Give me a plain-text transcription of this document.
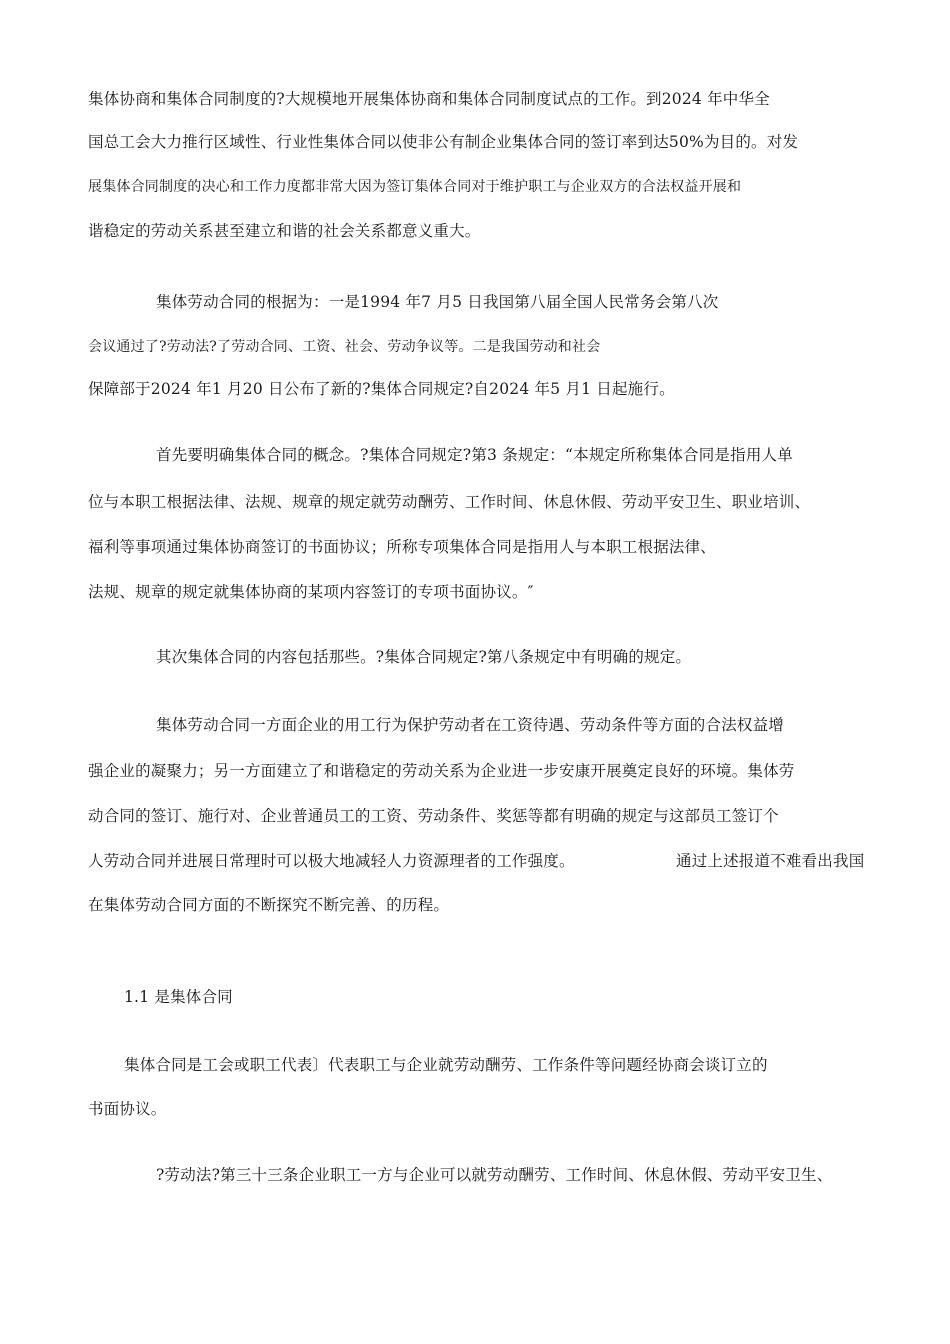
集体协商和集体合同制度的?大规模地开展集体协商和集体合同制度试点的工作。到2024 年中华全
国总工会大力推行区域性、行业性集体合同以使非公有制企业集体合同的签订率到达50%为目的。对发
展集体合同制度的决心和工作力度都非常大因为签订集体合同对于维护职工与企业双方的合法权益开展和
谐稳定的劳动关系甚至建立和谐的社会关系都意义重大。
集体劳动合同的根据为：一是1994 年7 月5 日我国第八届全国人民常务会第八次
会议通过了?劳动法?了劳动合同、工资、社会、劳动争议等。二是我国劳动和社会
保障部于2024 年1 月20 日公布了新的?集体合同规定?自2024 年5 月1 日起施行。
首先要明确集体合同的概念。?集体合同规定?第3 条规定：“本规定所称集体合同是指用人单
位与本职工根据法律、法规、规章的规定就劳动酬劳、工作时间、休息休假、劳动平安卫生、职业培训、
福利等事项通过集体协商签订的书面协议；所称专项集体合同是指用人与本职工根据法律、
法规、规章的规定就集体协商的某项内容签订的专项书面协议。″
其次集体合同的内容包括那些。?集体合同规定?第八条规定中有明确的规定。
集体劳动合同一方面企业的用工行为保护劳动者在工资待遇、劳动条件等方面的合法权益增
强企业的凝聚力；另一方面建立了和谐稳定的劳动关系为企业进一步安康开展奠定良好的环境。集体劳
动合同的签订、施行对、企业普通员工的工资、劳动条件、奖惩等都有明确的规定与这部员工签订个
人劳动合同并进展日常理时可以极大地减轻人力资源理者的工作强度。	通过上述报道不难看出我国
在集体劳动合同方面的不断探究不断完善、的历程。
1.1 是集体合同
集体合同是工会或职工代表〕代表职工与企业就劳动酬劳、工作条件等问题经协商会谈订立的
书面协议。
?劳动法?第三十三条企业职工一方与企业可以就劳动酬劳、工作时间、休息休假、劳动平安卫生、
